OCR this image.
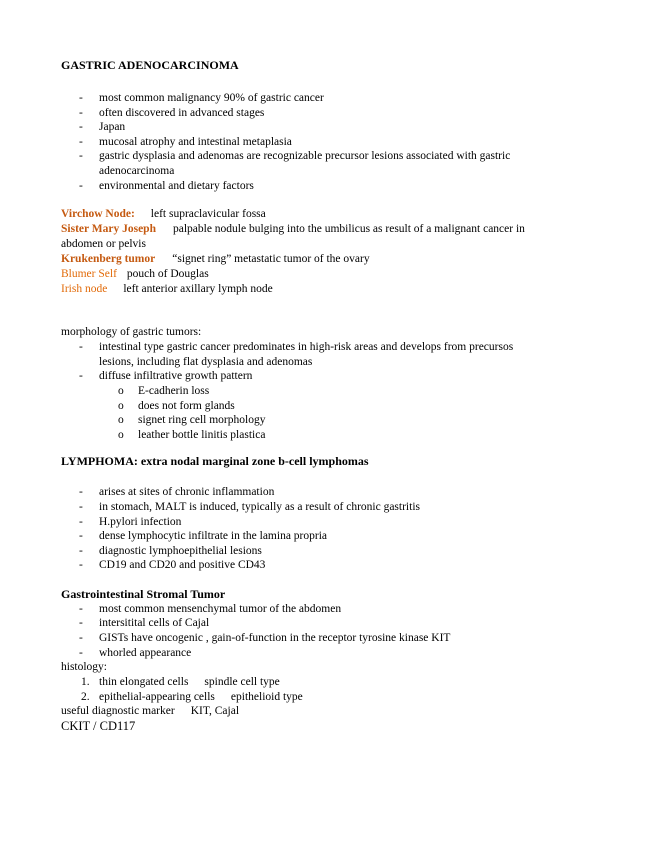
GASTRIC ADENOCARCINOMA
- most common malignancy 90% of gastric cancer
- often discovered in advanced stages
- Japan
- mucosal atrophy and intestinal metaplasia
- gastric dysplasia and adenomas are recognizable precursor lesions associated with gastric
adenocarcinoma
- environmental and dietary factors
Virchow Node: left supraclavicular fossa
Sister Mary Joseph palpable nodule bulging into the umbilicus as result of a malignant cancer in
abdomen or pelvis
Krukenberg tumor “signet ring” metastatic tumor of the ovary
Blumer Self pouch of Douglas
Irish node left anterior axillary lymph node
morphology of gastric tumors:
- intestinal type gastric cancer predominates in high-risk areas and develops from precursos
lesions, including flat dysplasia and adenomas
- diffuse infiltrative growth pattern
o E-cadherin loss
o does not form glands
o signet ring cell morphology
o leather bottle linitis plastica
LYMPHOMA: extra nodal marginal zone b-cell lymphomas
- arises at sites of chronic inflammation
- in stomach, MALT is induced, typically as a result of chronic gastritis
- H.pylori infection
- dense lymphocytic infiltrate in the lamina propria
- diagnostic lymphoepithelial lesions
- CD19 and CD20 and positive CD43
Gastrointestinal Stromal Tumor
- most common mensenchymal tumor of the abdomen
- intersitital cells of Cajal
- GISTs have oncogenic , gain-of-function in the receptor tyrosine kinase KIT
- whorled appearance
histology:
1. thin elongated cells spindle cell type
2. epithelial-appearing cells epithelioid type
useful diagnostic marker KIT, Cajal
CKIT / CD117
